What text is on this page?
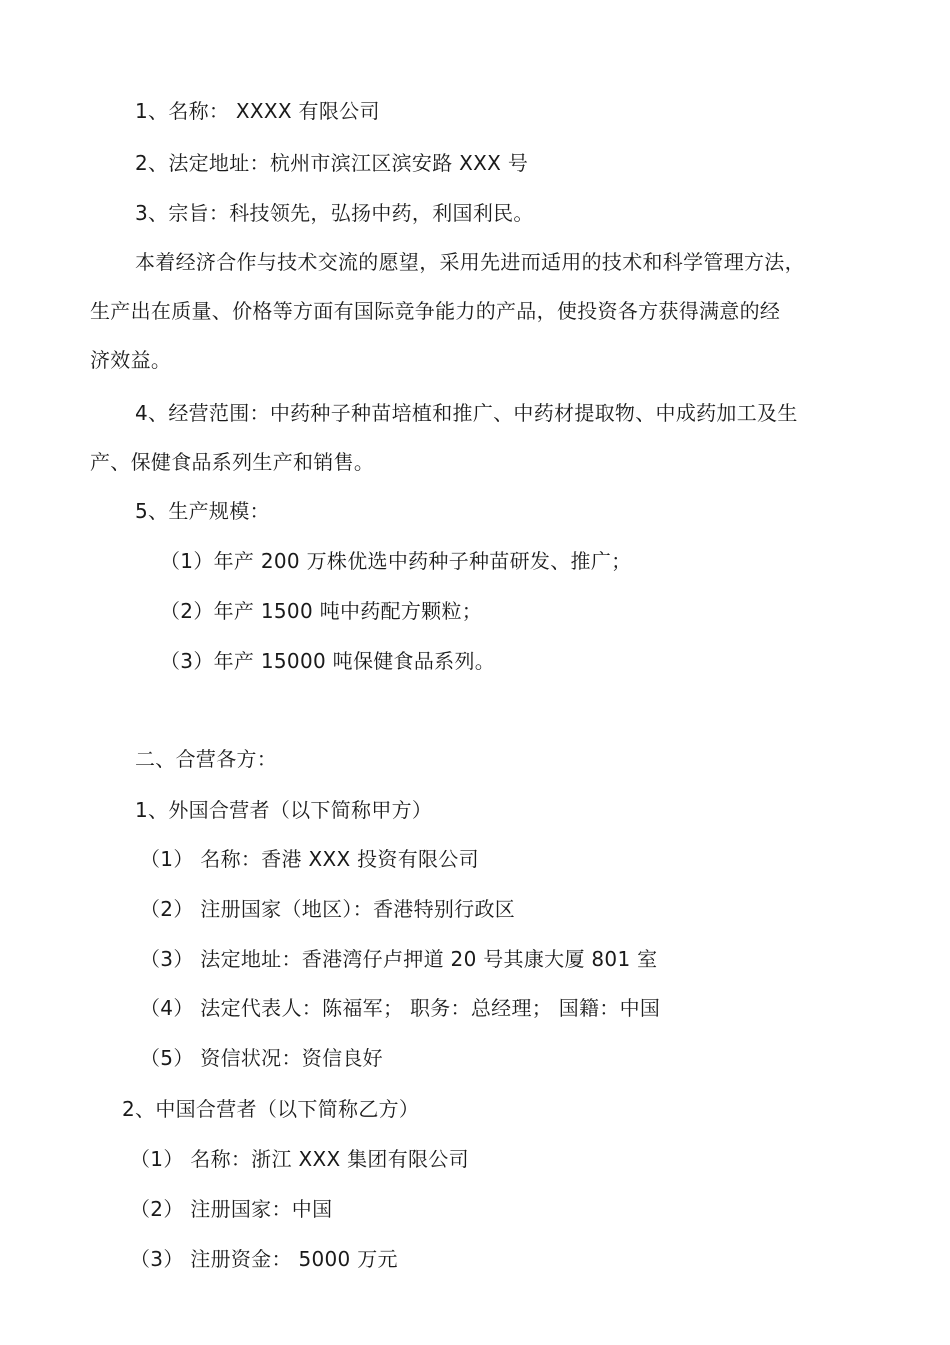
1、名称： XXXX 有限公司
2、法定地址：杭州市滨江区滨安路 XXX 号
3、宗旨：科技领先，弘扬中药，利国利民。
本着经济合作与技术交流的愿望，采用先进而适用的技术和科学管理方法，
生产出在质量、价格等方面有国际竞争能力的产品，使投资各方获得满意的经
济效益。
4、经营范围：中药种子种苗培植和推广、中药材提取物、中成药加工及生
产、保健食品系列生产和销售。
5、生产规模：
（1）年产 200 万株优选中药种子种苗研发、推广；
（2）年产 1500 吨中药配方颗粒；
（3）年产 15000 吨保健食品系列。
二、合营各方：
1、外国合营者（以下简称甲方）
（1） 名称：香港 XXX 投资有限公司
（2） 注册国家（地区）：香港特别行政区
（3） 法定地址：香港湾仔卢押道 20 号其康大厦 801 室
（4） 法定代表人：陈福军； 职务：总经理； 国籍：中国
（5） 资信状况：资信良好
2、中国合营者（以下简称乙方）
（1） 名称：浙江 XXX 集团有限公司
（2） 注册国家：中国
（3） 注册资金： 5000 万元
